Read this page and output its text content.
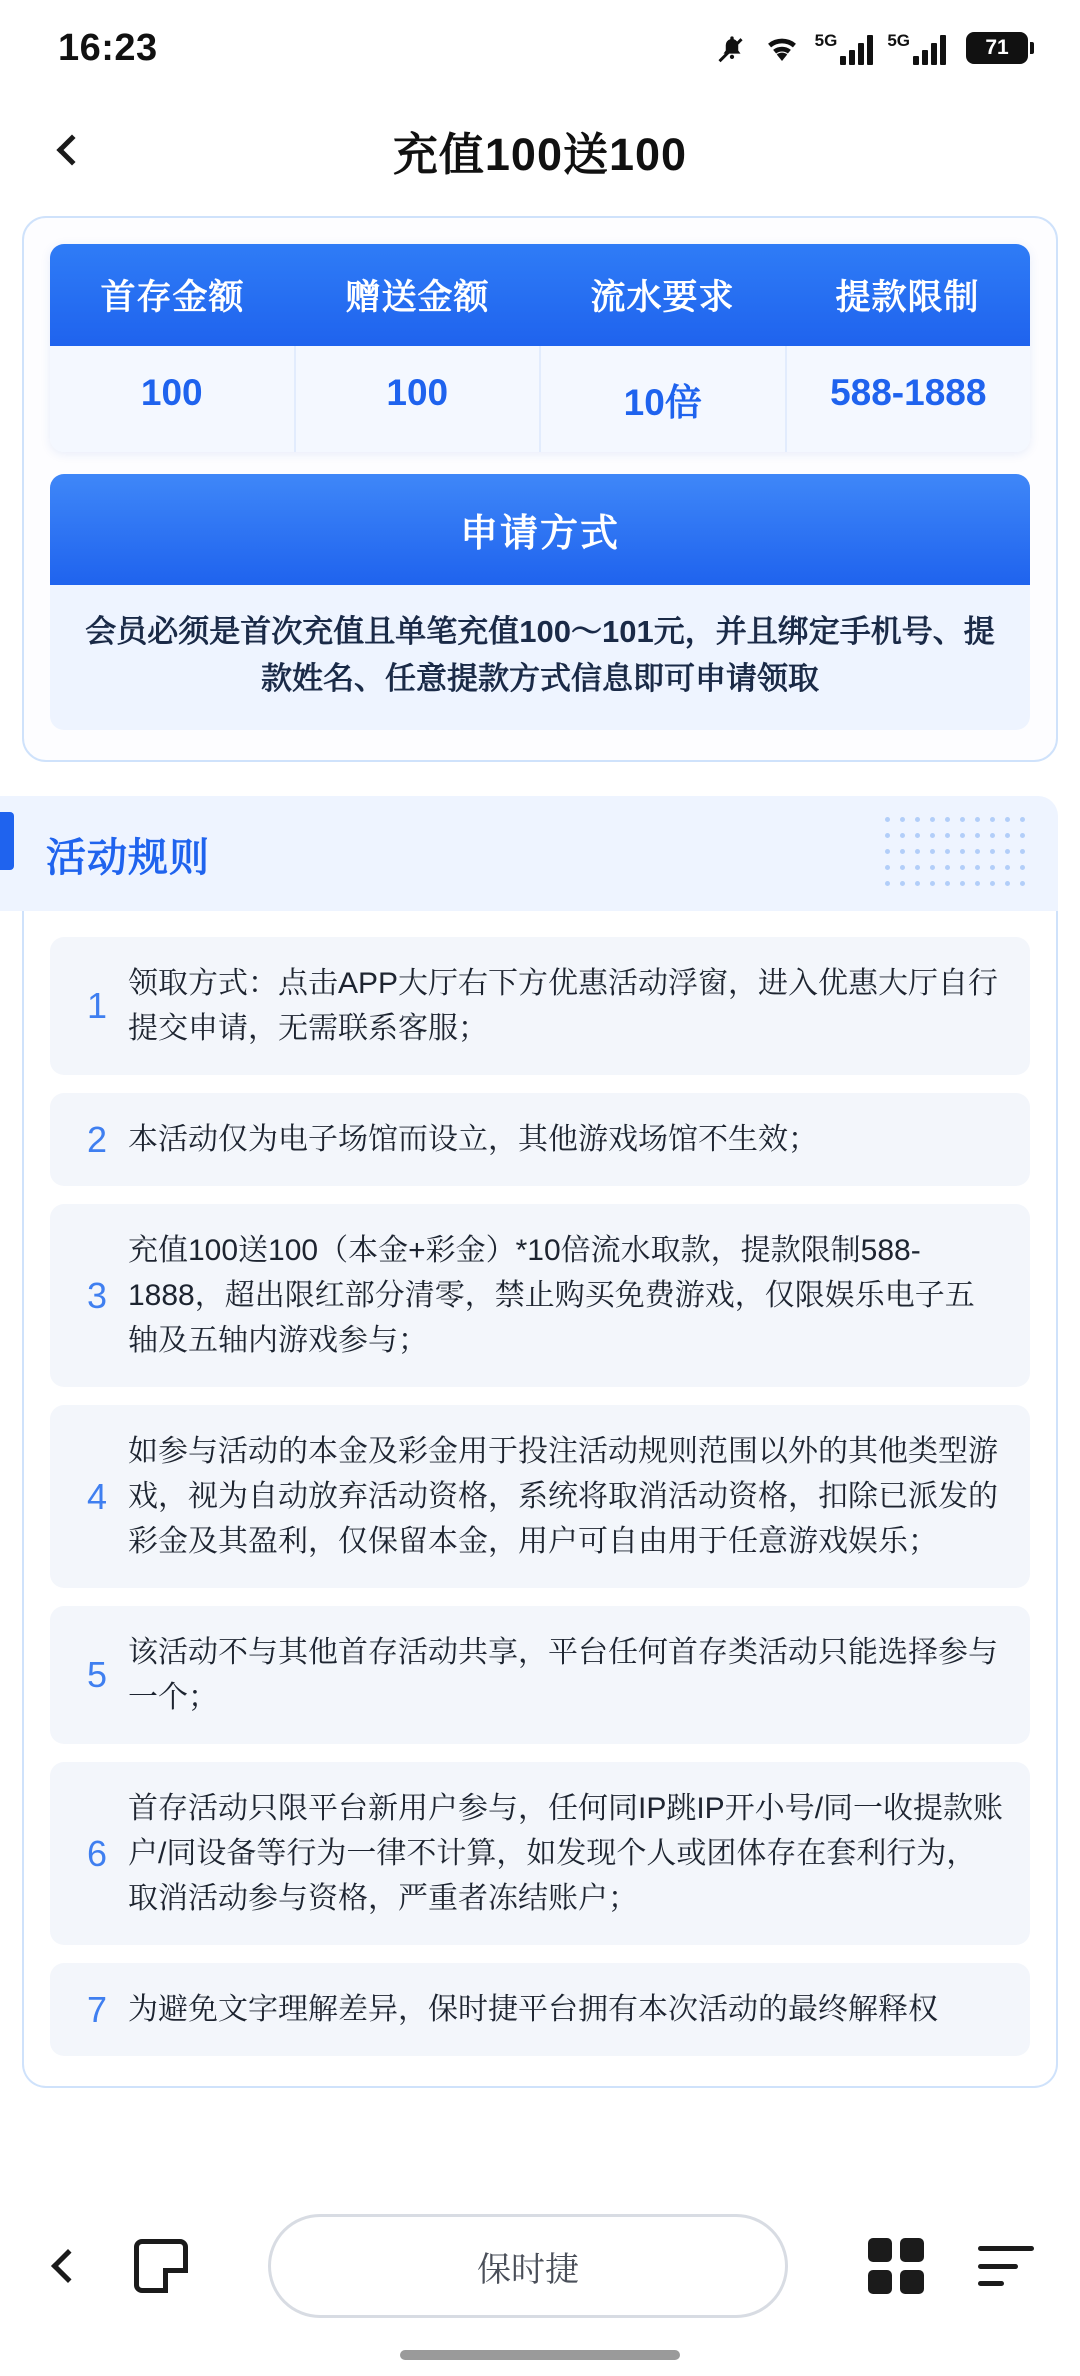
16:23	5G	5G	71
充值100送100
首存金额	赠送金额	流水要求	提款限制
100	100	10倍	588-1888
申请方式
会员必须是首次充值且单笔充值100～101元，并且绑定手机号、提款姓名、任意提款方式信息即可申请领取
活动规则
1
领取方式：点击APP大厅右下方优惠活动浮窗，进入优惠大厅自行提交申请，无需联系客服；
2 本活动仅为电子场馆而设立，其他游戏场馆不生效；
3
充值100送100（本金+彩金）*10倍流水取款，提款限制588-1888，超出限红部分清零，禁止购买免费游戏，仅限娱乐电子五轴及五轴内游戏参与；
4
如参与活动的本金及彩金用于投注活动规则范围以外的其他类型游戏，视为自动放弃活动资格，系统将取消活动资格，扣除已派发的彩金及其盈利，仅保留本金，用户可自由用于任意游戏娱乐；
5
该活动不与其他首存活动共享，平台任何首存类活动只能选择参与一个；
6
首存活动只限平台新用户参与，任何同IP跳IP开小号/同一收提款账户/同设备等行为一律不计算，如发现个人或团体存在套利行为，取消活动参与资格，严重者冻结账户；
7 为避免文字理解差异，保时捷平台拥有本次活动的最终解释权
保时捷
